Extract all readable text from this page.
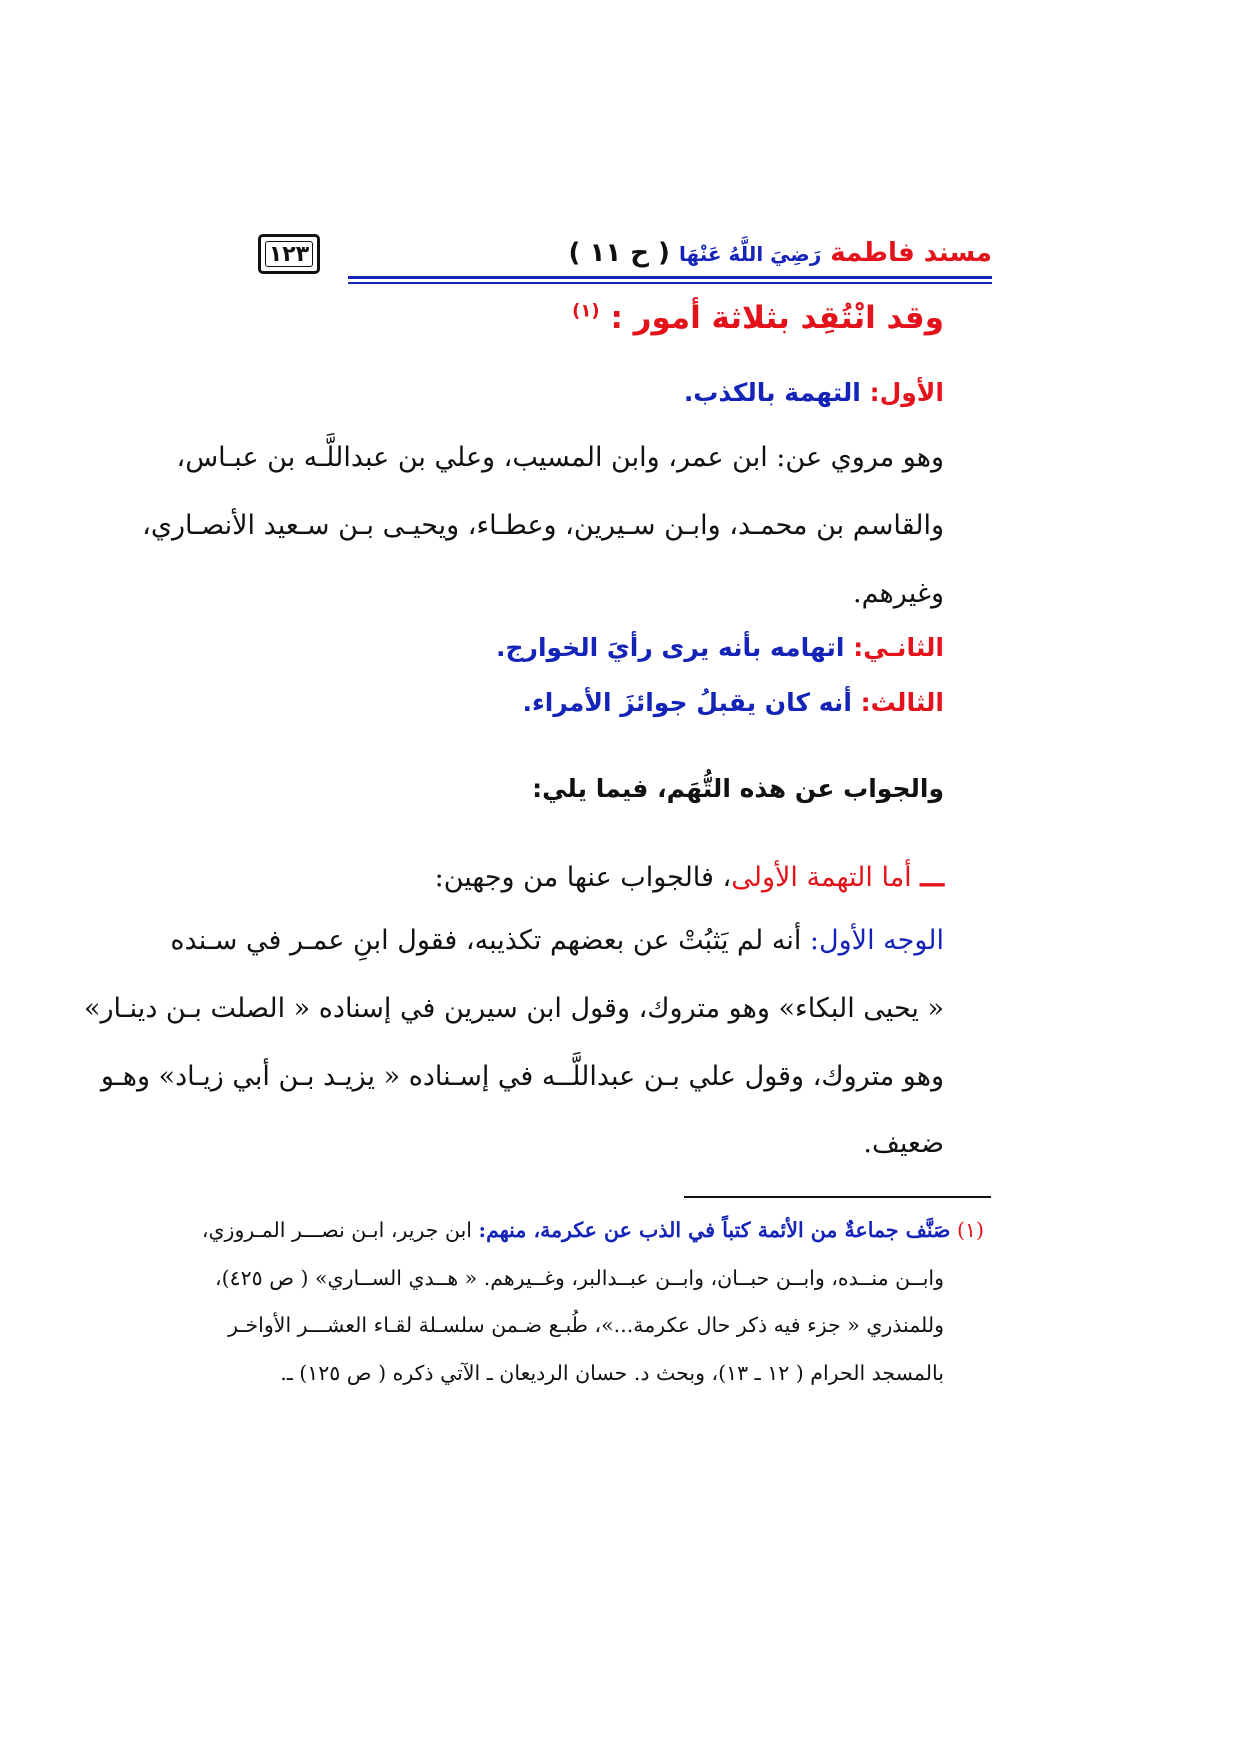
مسند فاطمة رَضِيَ اللَّهُ عَنْهَا ( ح ١١ )
١٢٣
وقد انْتُقِد بثلاثة أمور : $^{(١)}$
الأول: التهمة بالكذب.
وهو مروي عن: ابن عمر، وابن المسيب، وعلي بن عبداللَّـه بن عبـاس،
والقاسم بن محمـد، وابـن سـيرين، وعطـاء، ويحيـى بـن سـعيد الأنصـاري،
وغيرهم.
الثانـي: اتهامه بأنه يرى رأيَ الخوارج.
الثالث: أنه كان يقبلُ جوائزَ الأمراء.
والجواب عن هذه التُّهَم، فيما يلي:
ـــ أما التهمة الأولى، فالجواب عنها من وجهين:
الوجه الأول: أنه لم يَثبُتْ عن بعضهم تكذيبه، فقول ابنِ عمـر في سـنده
« يحيى البكاء» وهو متروك، وقول ابن سيرين في إسناده « الصلت بـن دينـار»
وهو متروك، وقول علي بـن عبداللَّــه في إسـناده « يزيـد بـن أبي زيـاد» وهـو
ضعيف.
(١) صَنَّف جماعةٌ من الأئمة كتباً في الذب عن عكرمة، منهم: ابن جرير، ابـن نصـــر المـروزي،
وابــن منــده، وابــن حبــان، وابــن عبــدالبر، وغــيرهم. « هــدي الســاري» ( ص ٤٢٥)،
وللمنذري « جزء فيه ذكر حال عكرمة...»، طُبـع ضـمن سلسـلة لقـاء العشـــر الأواخـر
بالمسجد الحرام ( ١٢ ـ ١٣)، وبحث د. حسان الرديعان ـ الآتي ذكره ( ص ١٢٥) ـ.
